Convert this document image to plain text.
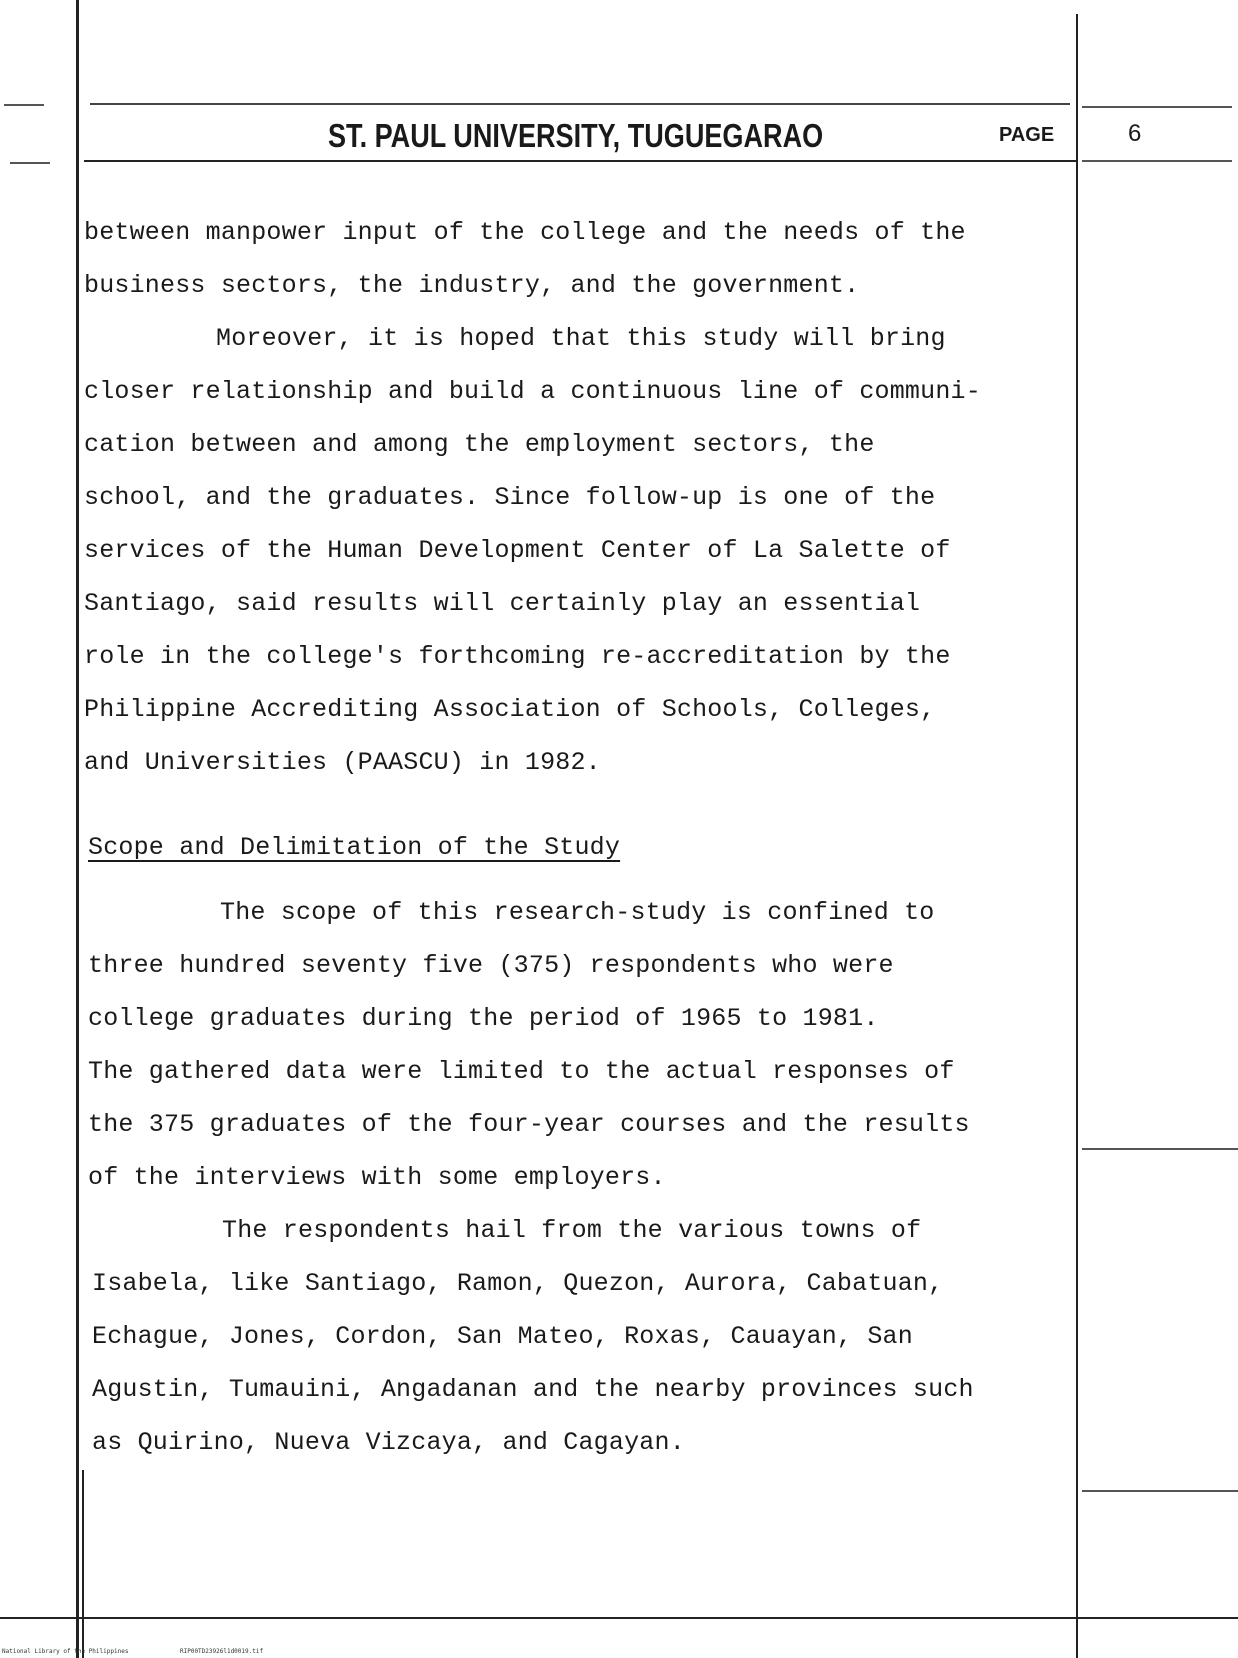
ST. PAUL UNIVERSITY, TUGUEGARAO	PAGE	6
between manpower input of the college and the needs of the
business sectors, the industry, and the government.
Moreover, it is hoped that this study will bring
closer relationship and build a continuous line of communi-
cation between and among the employment sectors, the
school, and the graduates. Since follow-up is one of the
services of the Human Development Center of La Salette of
Santiago, said results will certainly play an essential
role in the college's forthcoming re-accreditation by the
Philippine Accrediting Association of Schools, Colleges,
and Universities (PAASCU) in 1982.
Scope and Delimitation of the Study
The scope of this research-study is confined to
three hundred seventy five (375) respondents who were
college graduates during the period of 1965 to 1981.
The gathered data were limited to the actual responses of
the 375 graduates of the four-year courses and the results
of the interviews with some employers.
The respondents hail from the various towns of
Isabela, like Santiago, Ramon, Quezon, Aurora, Cabatuan,
Echague, Jones, Cordon, San Mateo, Roxas, Cauayan, San
Agustin, Tumauini, Angadanan and the nearby provinces such
as Quirino, Nueva Vizcaya, and Cagayan.
National Library of the Philippines	RIP00TD23926l1d0019.tif
